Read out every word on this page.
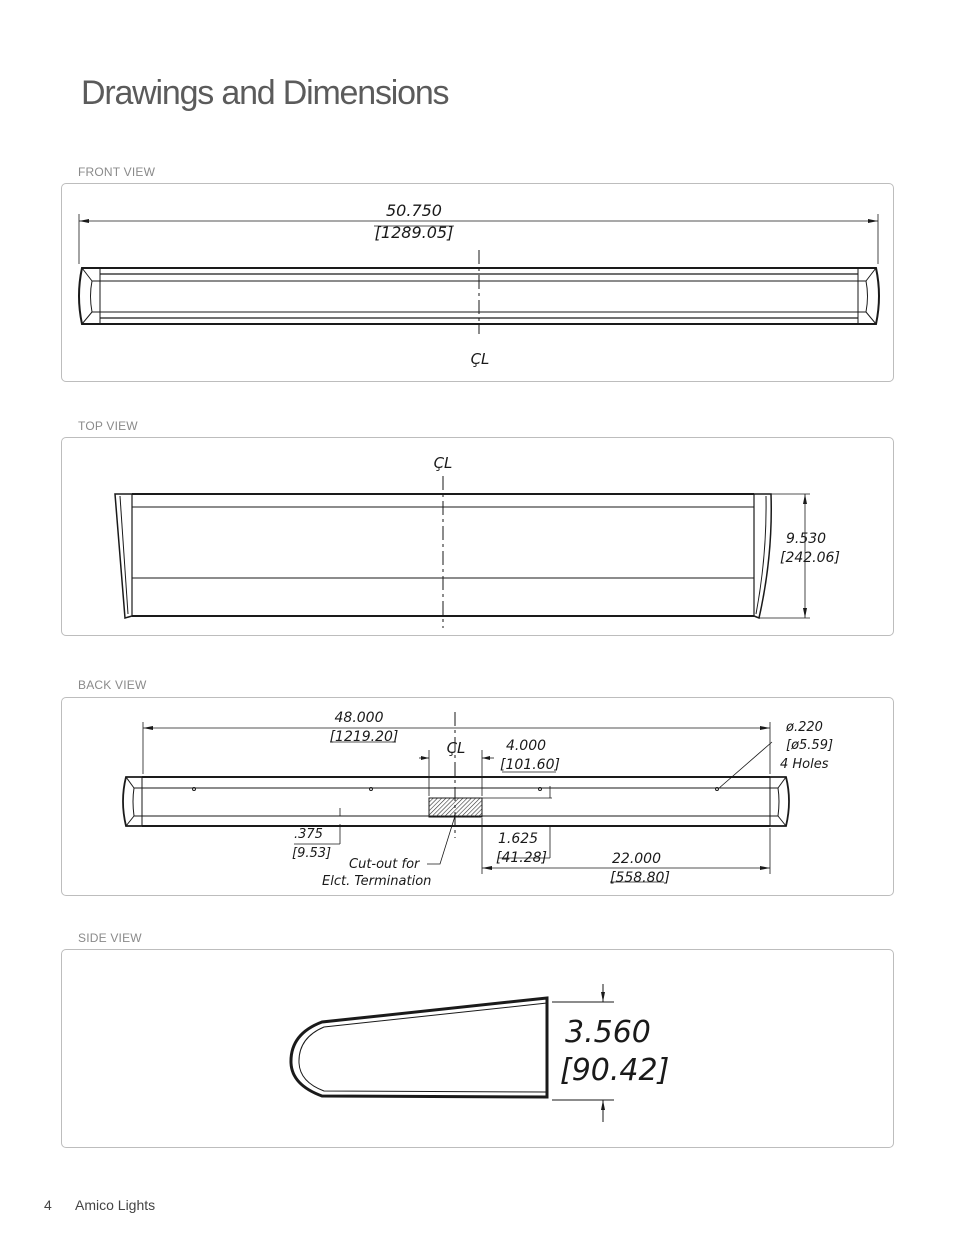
Drawings and Dimensions
FRONT VIEW
50.750
[1289.05]
ÇL
TOP VIEW
ÇL
9.530
[242.06]
BACK VIEW
48.000
[1219.20]
ÇL	4.000
[101.60]
ø.220
[ø5.59]
4 Holes
.375
[9.53]
Cut-out for
Elct. Termination
1.625
[41.28]	22.000
[558.80]
SIDE VIEW
3.560
[90.42]
4 Amico Lights
